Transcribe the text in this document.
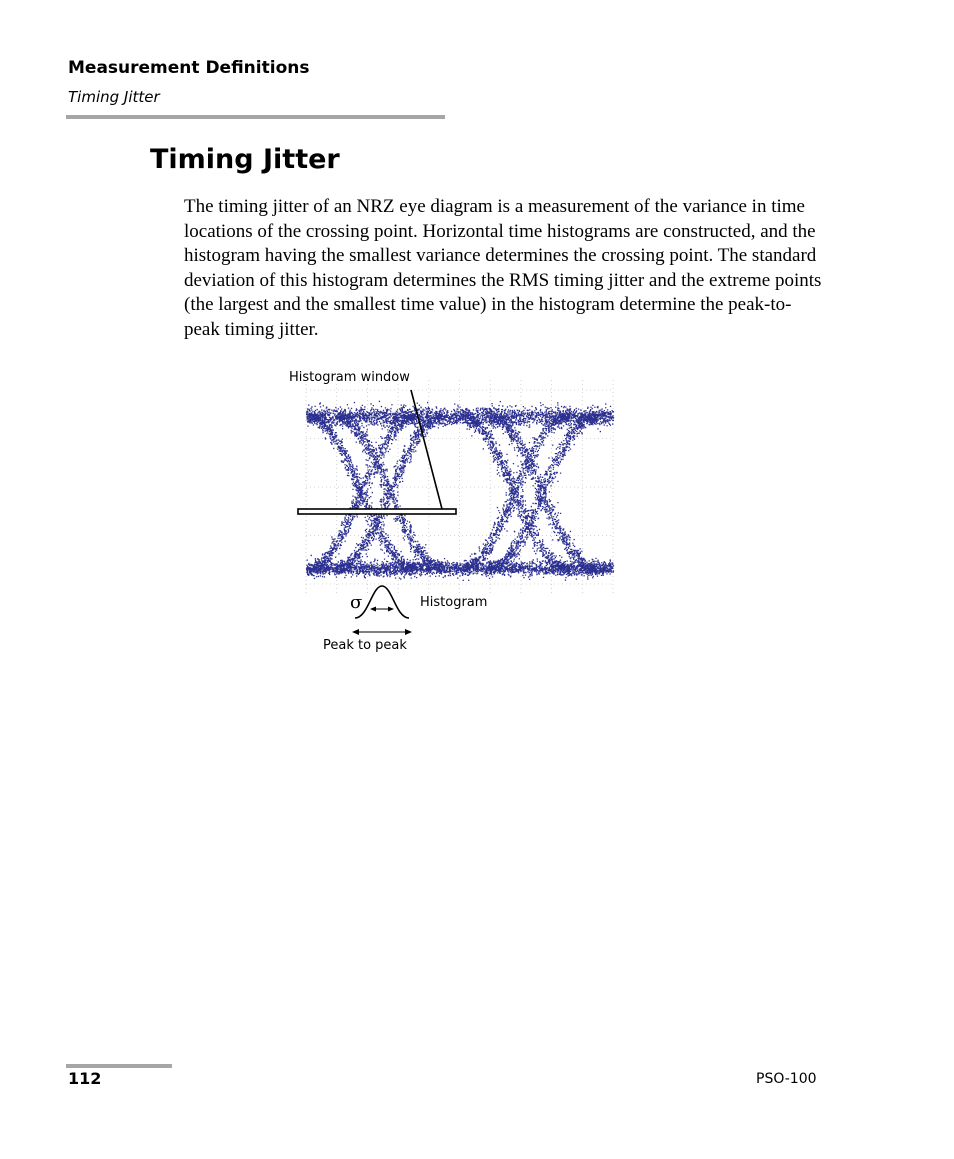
Measurement Definitions
Timing Jitter
Timing Jitter

The timing jitter of an NRZ eye diagram is a measurement of the variance in time locations of the crossing point. Horizontal time histograms are constructed, and the histogram having the smallest variance determines the crossing point. The standard deviation of this histogram determines the RMS timing jitter and the extreme points (the largest and the smallest time value) in the histogram determine the peak-to-peak timing jitter.

Histogram window
σ	Histogram
Peak to peak
112	PSO-100
